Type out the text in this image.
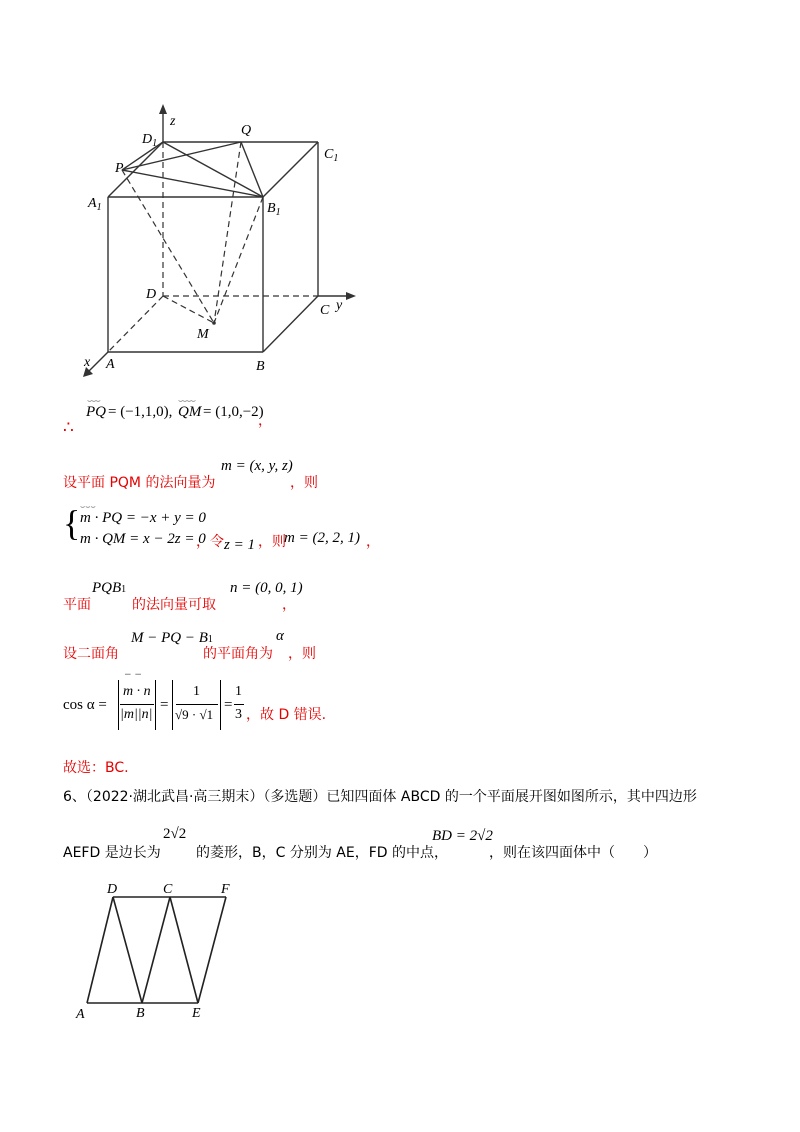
$D_1$
z
Q
$C_1$
P
$A_1$	$B_1$
D
M
C y
x A	B
∴
⌣⌣⌣
PQ = (−1,1,0),
⌣⌣⌣⌣
QM = (1,0,−2)
，
设平面 PQM 的法向量为
m = (x, y, z)
，则
{ ⌣⌣⌣
m · PQ = −x + y = 0
m · QM = x − 2z = 0
，令 z = 1 ，则
m = (2, 2, 1) ，
平面
PQB1
的法向量可取
n = (0, 0, 1)
，
设二面角
M − PQ − B1
的平面角为
α
，则
cos α =
− −
m · n
|m||n|
=
1
√9 · √1
=
1
3 ，故 D 错误.
故选：BC.
6、（2022·湖北武昌·高三期末）（多选题）已知四面体 ABCD 的一个平面展开图如图所示，其中四边形
AEFD 是边长为
2√2
的菱形，B，C 分别为 AE，FD 的中点，
BD = 2√2
，则在该四面体中（　　）
D	C	F
A	B	E
